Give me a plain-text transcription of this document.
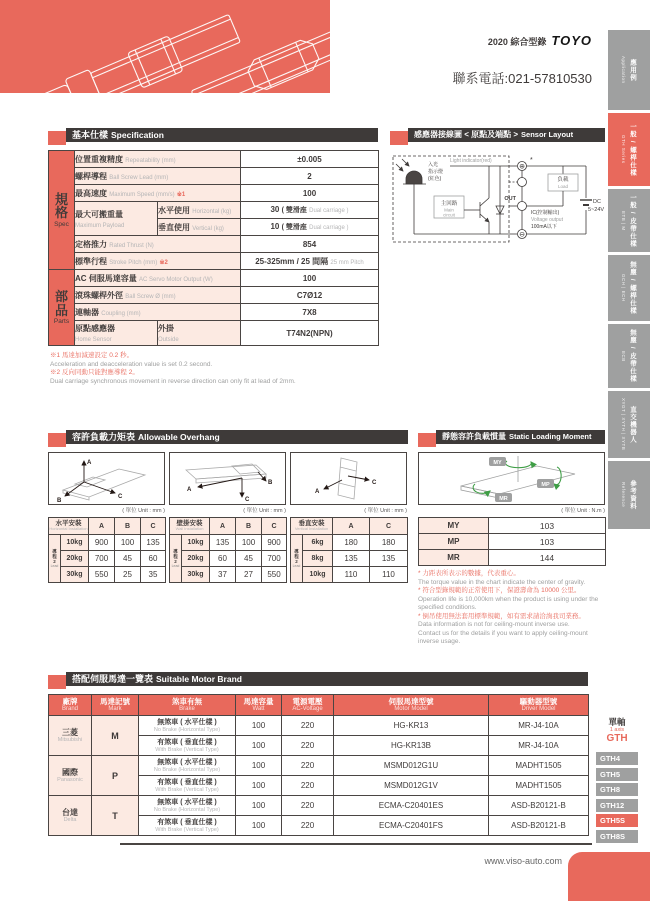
2020 綜合型錄 TOYO
聯系電話:021-57810530	Application 應用例
GTH Series 一般 / 螺桿仕樣
ETB | M 一般 / 皮帶仕樣
GCH | ECH 無塵 / 螺桿仕樣
ECB 無塵 / 皮帶仕樣
XYGT | XYTH | XYTB 直交機器人
Reference 參考資料
基本仕樣 Specification
規格
Spec	位置重複精度 Repeatability (mm)		±0.005
	螺桿導程 Ball Screw Lead (mm)		2
	最高速度 Maximum Speed (mm/s) ※1		100
	最大可搬重量
Maximum Payload	水平使用 Horizontal (kg)	30 ( 雙滑座 Dual carriage )
		垂直使用 Vertical (kg)	10 ( 雙滑座 Dual carriage )
	定格推力 Rated Thrust (N)		854
	標準行程 Stroke Pitch (mm) ※2		25-325mm / 25 間隔 25 mm Pitch

部品
Parts	AC 伺服馬達容量 AC Servo Motor Output (W)		100
	滾珠螺桿外徑 Ball Screw Ø (mm)		C7Ø12
	連軸器 Coupling (mm)		7X8
	原點感應器
Home Sensor	外掛
Outside	T74N2(NPN)
※1 馬達加減速設定 0.2 秒。
Acceleration and deacceleration value is set 0.2 second.
※2 反向同動只能對應導程 2。
Dual carriage synchronous movement in reverse direction can only fit at lead of 2mm.
感應器接線圖 < 原點及端點 > Sensor Layout
入光
指示燈
(紅色)
Light indicator(red)
主回路
Main
circuit
⊕
⊖
*
OUT
IC(控制輸出)
Voltage output
100mA以下
負載
Load
DC
5~24V
容許負載力矩表 Allowable Overhang
A
C
B
A
B
C
A
C
( 單位 Unit : mm )	( 單位 Unit : mm )	( 單位 Unit : mm )
水平安裝
Horizontal Installation		A	B	C

導程
2
Lead	10kg	900	100	135
	20kg	700	45	60
	30kg	550	25	35
壁掛安裝
Wall Installation		A	B	C

導程
2
Lead	10kg	135	100	900
	20kg	60	45	700
	30kg	37	27	550
垂直安裝
Vertical Installation		A	C

導程
2
Lead	6kg	180	180
	8kg	135	135
	10kg	110	110
靜態容許負載慣量 Static Loading Moment
MY
MP
MR
( 單位 Unit : N.m )
MY	103
MP	103
MR	144
* 力距表所表示的數據，代表重心。
The torque value in the chart indicate the center of gravity.
* 符合型錄規範的正常使用下，保證壽命為 10000 公里。
Operation life is 10,000km when the product is using under the specified conditions.
* 倒吊使用無法套用標準規範，如有需求請洽詢我司業務。
Data information is not for ceiling-mount inverse use.
Contact us for the details if you want to apply ceiling-mount inverse usage.
搭配伺服馬達一覽表 Suitable Motor Brand
廠牌
Brand	馬達記號
Mark	煞車有無
Brake	馬達容量
Watt	電源電壓
AC-Voltage	伺服馬達型號
Motor Model	驅動器型號
Driver Model

三菱
Mitsubishi	M	無煞車 ( 水平仕樣 )
No Brake (Horizontal Type)	100	220	HG-KR13	MR-J4-10A

		有煞車 ( 垂直仕樣 )
With Brake (Vertical Type)	100	220	HG-KR13B	MR-J4-10A

國際
Panasonic	P	無煞車 ( 水平仕樣 )
No Brake (Horizontal Type)	100	220	MSMD012G1U	MADHT1505

		有煞車 ( 垂直仕樣 )
With Brake (Vertical Type)	100	220	MSMD012G1V	MADHT1505

台達
Delta	T	無煞車 ( 水平仕樣 )
No Brake (Horizontal Type)	100	220	ECMA-C20401ES	ASD-B20121-B

		有煞車 ( 垂直仕樣 )
With Brake (Vertical Type)	100	220	ECMA-C20401FS	ASD-B20121-B
單軸
1 axis
GTH
GTH4
GTH5
GTH8
GTH12
GTH5S
GTH8S
www.viso-auto.com
